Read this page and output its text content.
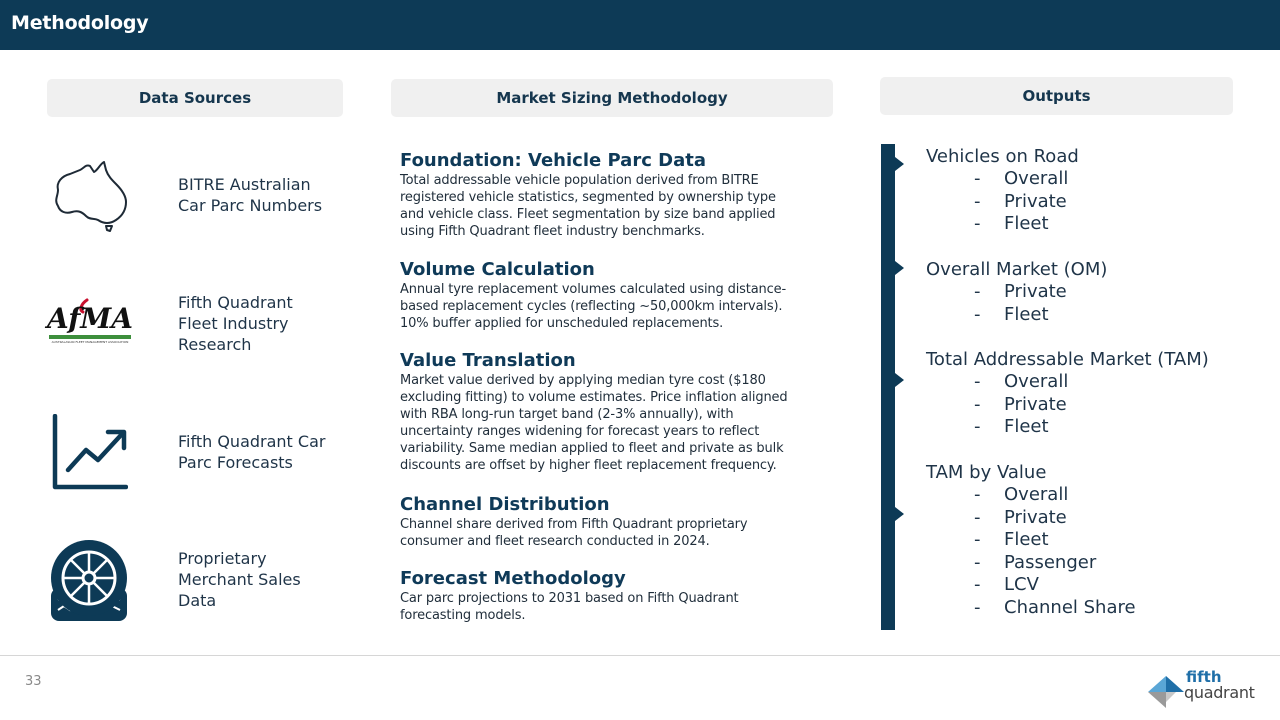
Methodology
Data Sources	Market Sizing Methodology	Outputs
BITRE Australian
Car Parc Numbers
AfMA
AUSTRALASIAN FLEET MANAGEMENT ASSOCIATION
Fifth Quadrant
Fleet Industry
Research
Fifth Quadrant Car
Parc Forecasts
Proprietary
Merchant Sales
Data
Foundation: Vehicle Parc Data

Total addressable vehicle population derived from BITRE

registered vehicle statistics, segmented by ownership type

and vehicle class. Fleet segmentation by size band applied

using Fifth Quadrant fleet industry benchmarks.

Volume Calculation

Annual tyre replacement volumes calculated using distance-

based replacement cycles (reflecting ~50,000km intervals).

10% buffer applied for unscheduled replacements.

Value Translation

Market value derived by applying median tyre cost ($180

excluding fitting) to volume estimates. Price inflation aligned

with RBA long-run target band (2-3% annually), with

uncertainty ranges widening for forecast years to reflect

variability. Same median applied to fleet and private as bulk

discounts are offset by higher fleet replacement frequency.

Channel Distribution

Channel share derived from Fifth Quadrant proprietary

consumer and fleet research conducted in 2024.

Forecast Methodology

Car parc projections to 2031 based on Fifth Quadrant

forecasting models.

Vehicles on Road
- Overall
- Private
- Fleet
Overall Market (OM)
- Private
- Fleet
Total Addressable Market (TAM)
- Overall
- Private
- Fleet
TAM by Value
- Overall
- Private
- Fleet
- Passenger
- LCV
- Channel Share
33	fifth
quadrant
